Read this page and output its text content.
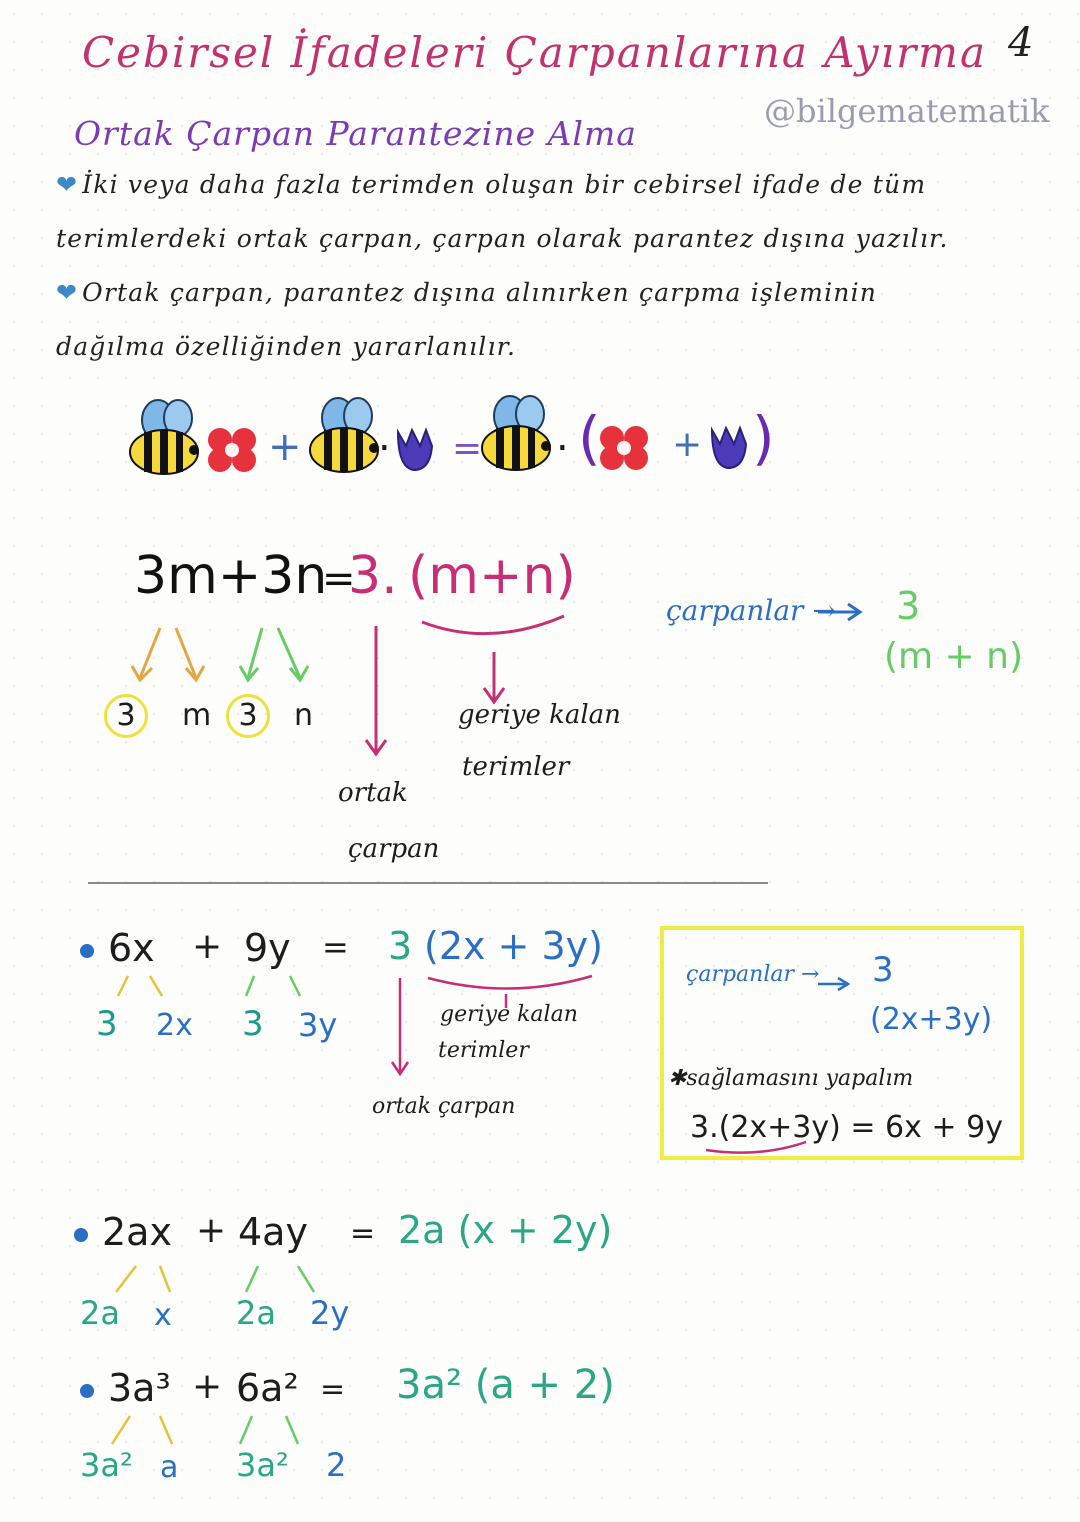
Cebirsel İfadeleri Çarpanlarına Ayırma 4
@bilgematematik
Ortak Çarpan Parantezine Alma
❤ İki veya daha fazla terimden oluşan bir cebirsel ifade de tüm
terimlerdeki ortak çarpan, çarpan olarak parantez dışına yazılır.
❤ Ortak çarpan, parantez dışına alınırken çarpma işleminin
dağılma özelliğinden yararlanılır.
. + . = . ( + )
3m+3n
=
3. (m+n)
3	m 3	n
ortak
çarpan
geriye kalan
terimler
çarpanlar → 3
(m + n)
6x + 9y = 3 (2x + 3y)
3 2x 3 3y	geriye kalan
terimler
ortak çarpan
çarpanlar → 3
(2x+3y)
✱sağlamasını yapalım
3.(2x+3y) = 6x + 9y
2ax + 4ay = 2a (x + 2y)
2a x 2a 2y
3a³ + 6a² = 3a² (a + 2)
3a² a 3a² 2
